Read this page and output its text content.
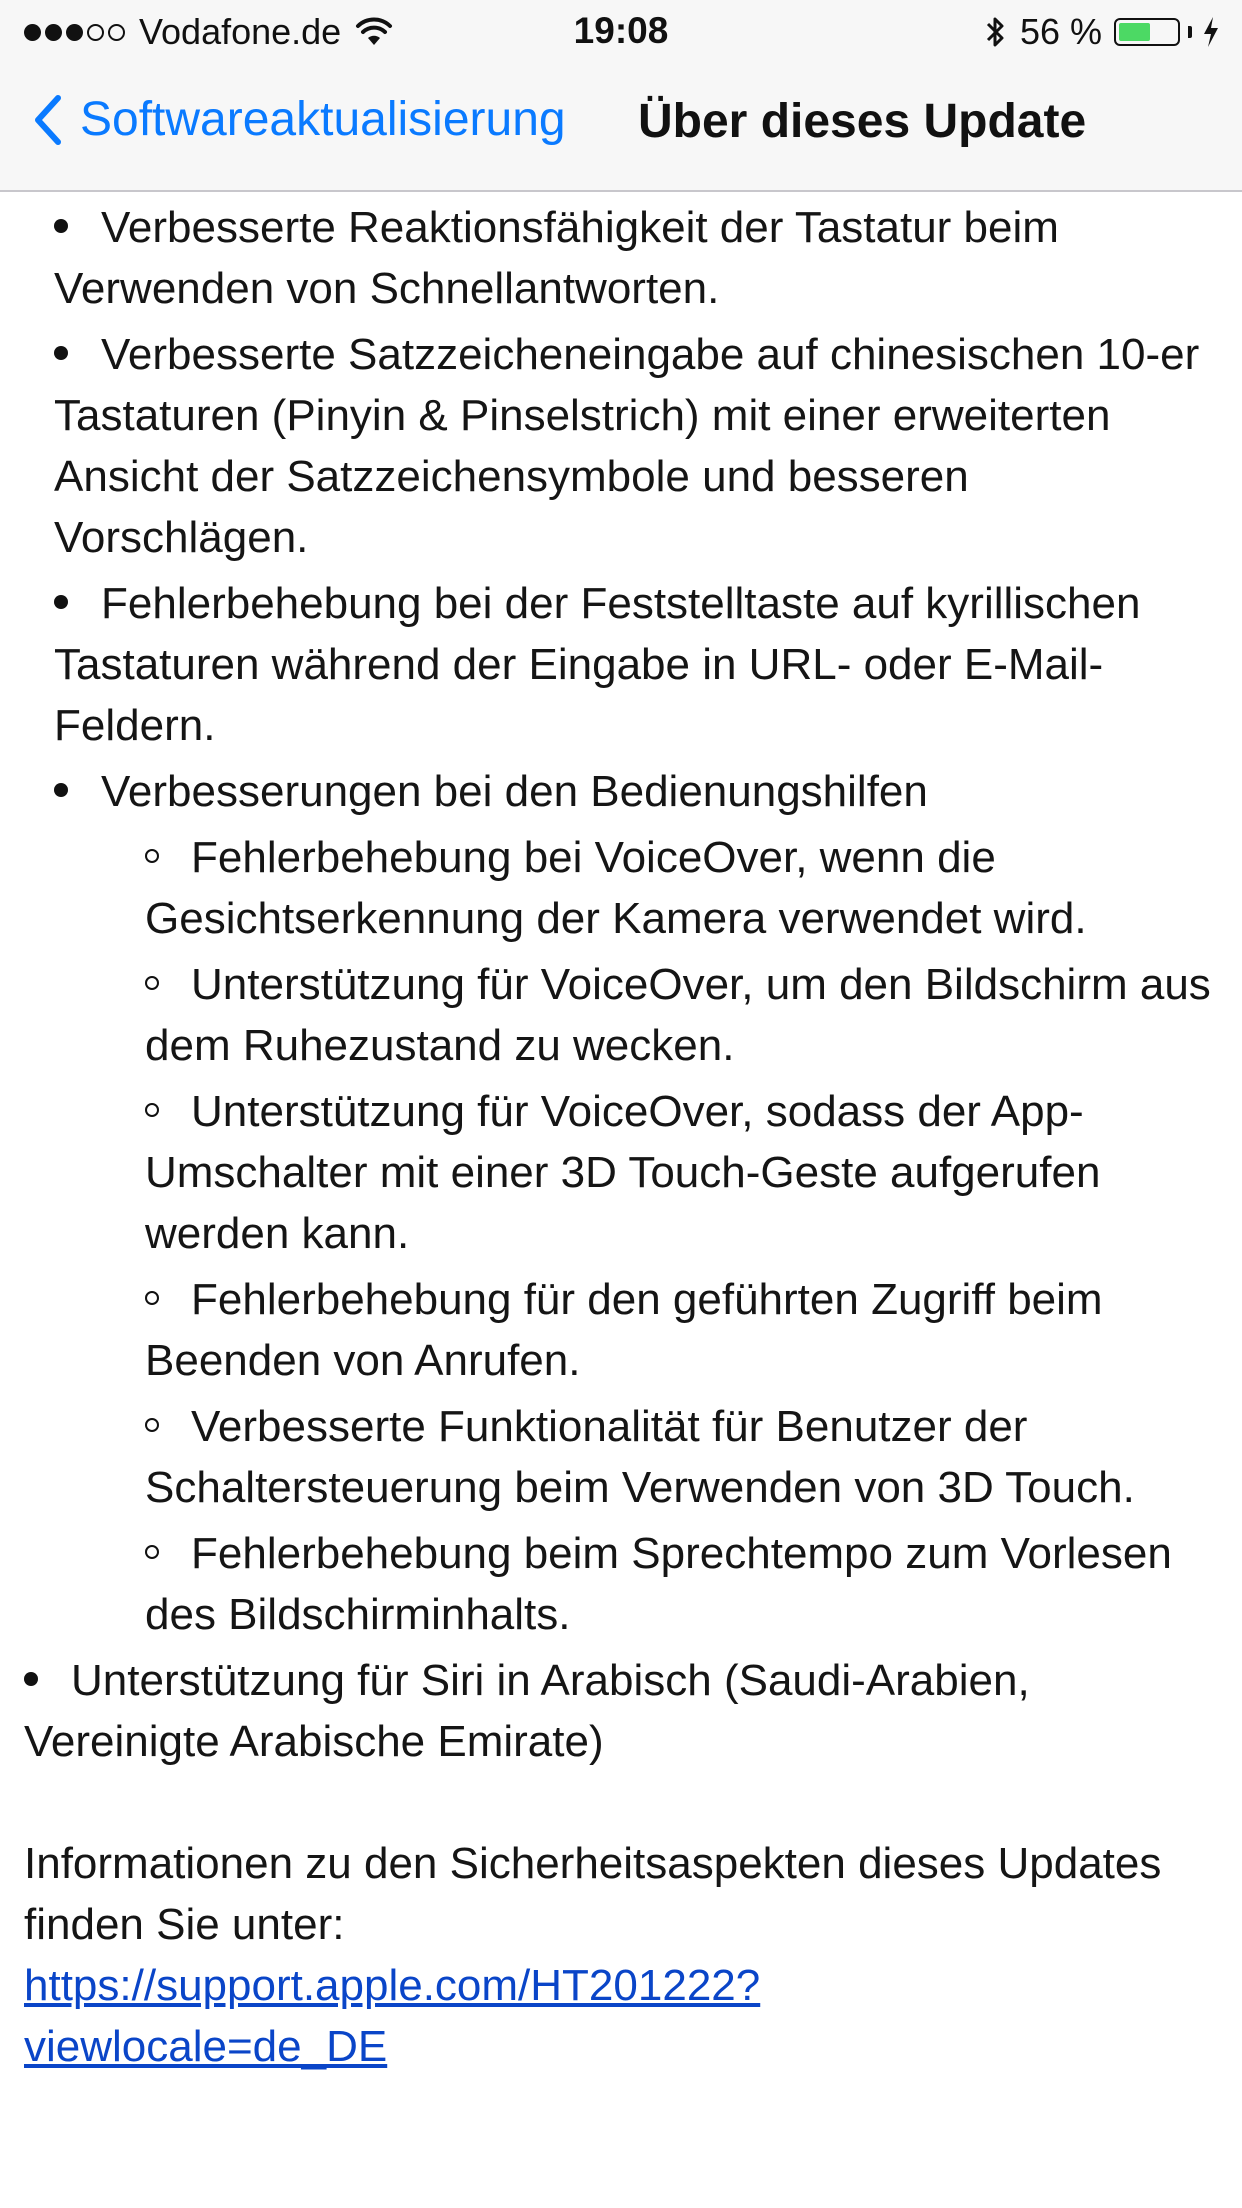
Vodafone.de	19:08	56 %
Softwareaktualisierung Über dieses Update
Verbesserte Reaktionsfähigkeit der Tastatur beim Verwenden von Schnellantworten.
Verbesserte Satzzeicheneingabe auf chinesischen 10-er Tastaturen (Pinyin & Pinselstrich) mit einer erweiterten Ansicht der Satzzeichensymbole und besseren Vorschlägen.
Fehlerbehebung bei der Feststelltaste auf kyrillischen Tastaturen während der Eingabe in URL- oder E-Mail-Feldern.
Verbesserungen bei den Bedienungshilfen
Fehlerbehebung bei VoiceOver, wenn die Gesichtserkennung der Kamera verwendet wird.
Unterstützung für VoiceOver, um den Bildschirm aus dem Ruhezustand zu wecken.
Unterstützung für VoiceOver, sodass der App-Umschalter mit einer 3D Touch-Geste aufgerufen werden kann.
Fehlerbehebung für den geführten Zugriff beim Beenden von Anrufen.
Verbesserte Funktionalität für Benutzer der Schaltersteuerung beim Verwenden von 3D Touch.
Fehlerbehebung beim Sprechtempo zum Vorlesen des Bildschirminhalts.
Unterstützung für Siri in Arabisch (Saudi-Arabien, Vereinigte Arabische Emirate)
Informationen zu den Sicherheitsaspekten dieses Updates finden Sie unter:
https://support.apple.com/HT201222?
viewlocale=de_DE
